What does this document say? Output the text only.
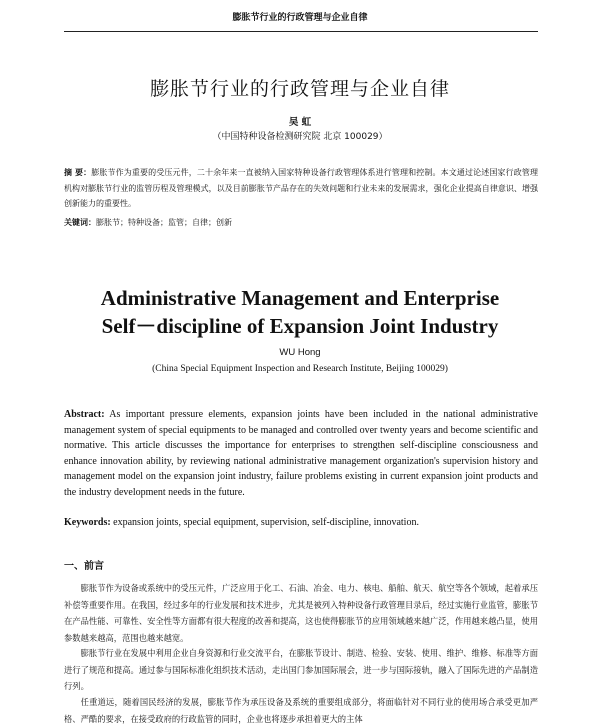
膨胀节行业的行政管理与企业自律
膨胀节行业的行政管理与企业自律
吴 虹
（中国特种设备检测研究院 北京 100029）
摘 要：膨胀节作为重要的受压元件，二十余年来一直被纳入国家特种设备行政管理体系进行管理和控制。本文通过论述国家行政管理机构对膨胀节行业的监管历程及管理模式，以及目前膨胀节产品存在的失效问题和行业未来的发展需求，强化企业提高自律意识、增强创新能力的重要性。
关键词：膨胀节；特种设备；监管；自律；创新
Administrative Management and Enterprise
Self－discipline of Expansion Joint Industry
WU Hong
(China Special Equipment Inspection and Research Institute, Beijing 100029)
Abstract: As important pressure elements, expansion joints have been included in the national administrative management system of special equipments to be managed and controlled over twenty years and become scientific and normative. This article discusses the importance for enterprises to strengthen self-discipline consciousness and enhance innovation ability, by reviewing national administrative management organization's supervision history and management model on the expansion joint industry, failure problems existing in current expansion joint products and the industry development needs in the future.
Keywords: expansion joints, special equipment, supervision, self-discipline, innovation.
一、前言

膨胀节作为设备或系统中的受压元件，广泛应用于化工、石油、冶金、电力、核电、船舶、航天、航空等各个领域，起着承压补偿等重要作用。在我国，经过多年的行业发展和技术进步，尤其是被列入特种设备行政管理目录后，经过实施行业监管，膨胀节在产品性能、可靠性、安全性等方面都有很大程度的改善和提高，这也使得膨胀节的应用领域越来越广泛，作用越来越凸显，使用参数越来越高，范围也越来越宽。

膨胀节行业在发展中利用企业自身资源和行业交流平台，在膨胀节设计、制造、检验、安装、使用、维护、维修、标准等方面进行了规范和提高。通过参与国际标准化组织技术活动，走出国门参加国际展会，进一步与国际接轨，融入了国际先进的产品制造行列。

任重道远，随着国民经济的发展，膨胀节作为承压设备及系统的重要组成部分，将面临针对不同行业的使用场合承受更加严格、严酷的要求，在接受政府的行政监管的同时，企业也将逐步承担着更大的主体
